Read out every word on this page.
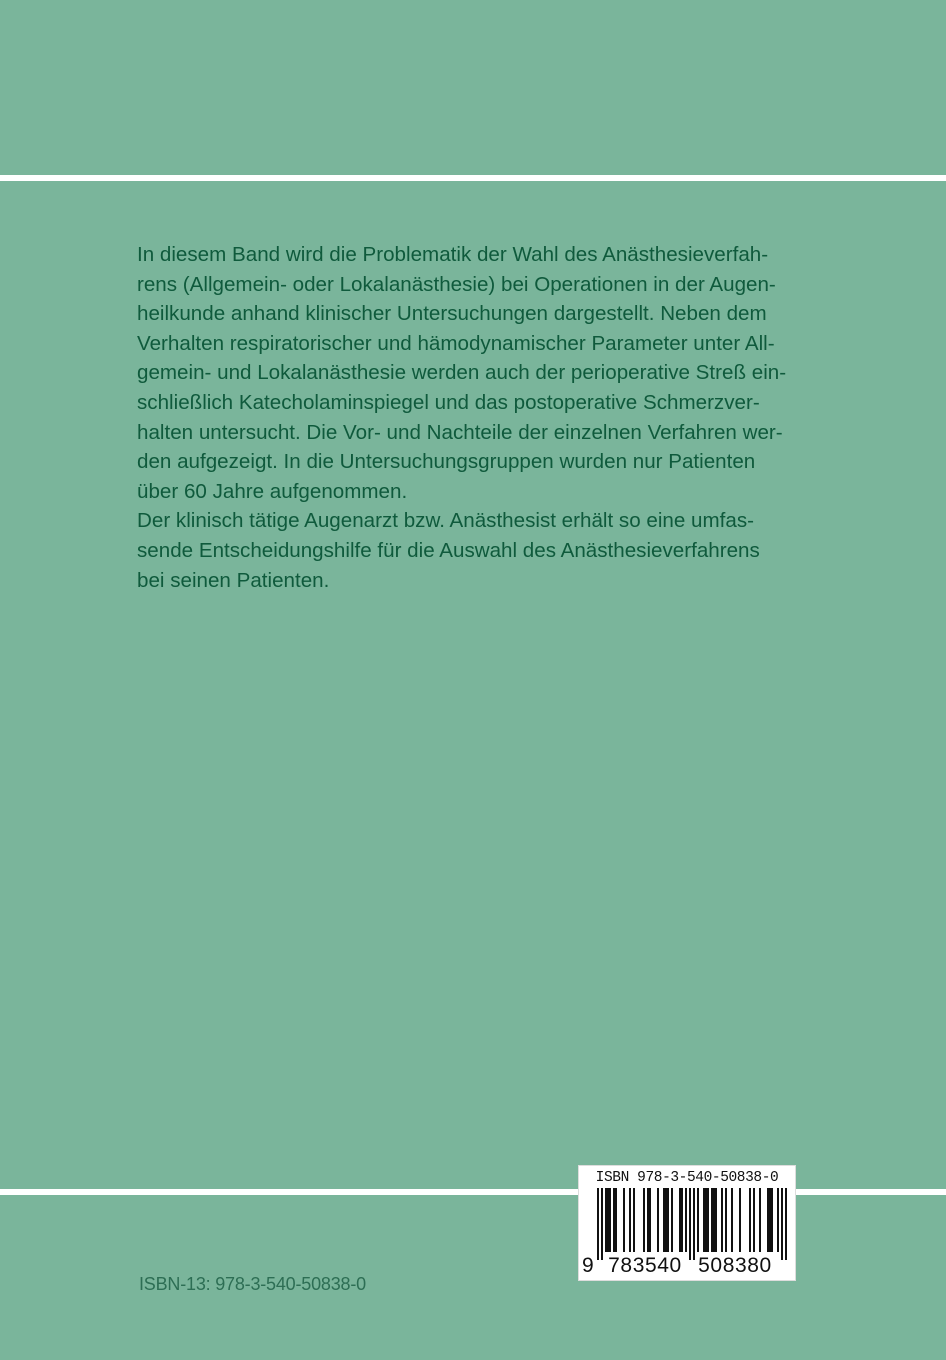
In diesem Band wird die Problematik der Wahl des Anästhesieverfah-
rens (Allgemein- oder Lokalanästhesie) bei Operationen in der Augen-
heilkunde anhand klinischer Untersuchungen dargestellt. Neben dem
Verhalten respiratorischer und hämodynamischer Parameter unter All-
gemein- und Lokalanästhesie werden auch der perioperative Streß ein-
schließlich Katecholaminspiegel und das postoperative Schmerzver-
halten untersucht. Die Vor- und Nachteile der einzelnen Verfahren wer-
den aufgezeigt. In die Untersuchungsgruppen wurden nur Patienten
über 60 Jahre aufgenommen.

Der klinisch tätige Augenarzt bzw. Anästhesist erhält so eine umfas-
sende Entscheidungshilfe für die Auswahl des Anästhesieverfahrens
bei seinen Patienten.

ISBN 978-3-540-50838-0
9 783540 508380
ISBN-13: 978-3-540-50838-0
